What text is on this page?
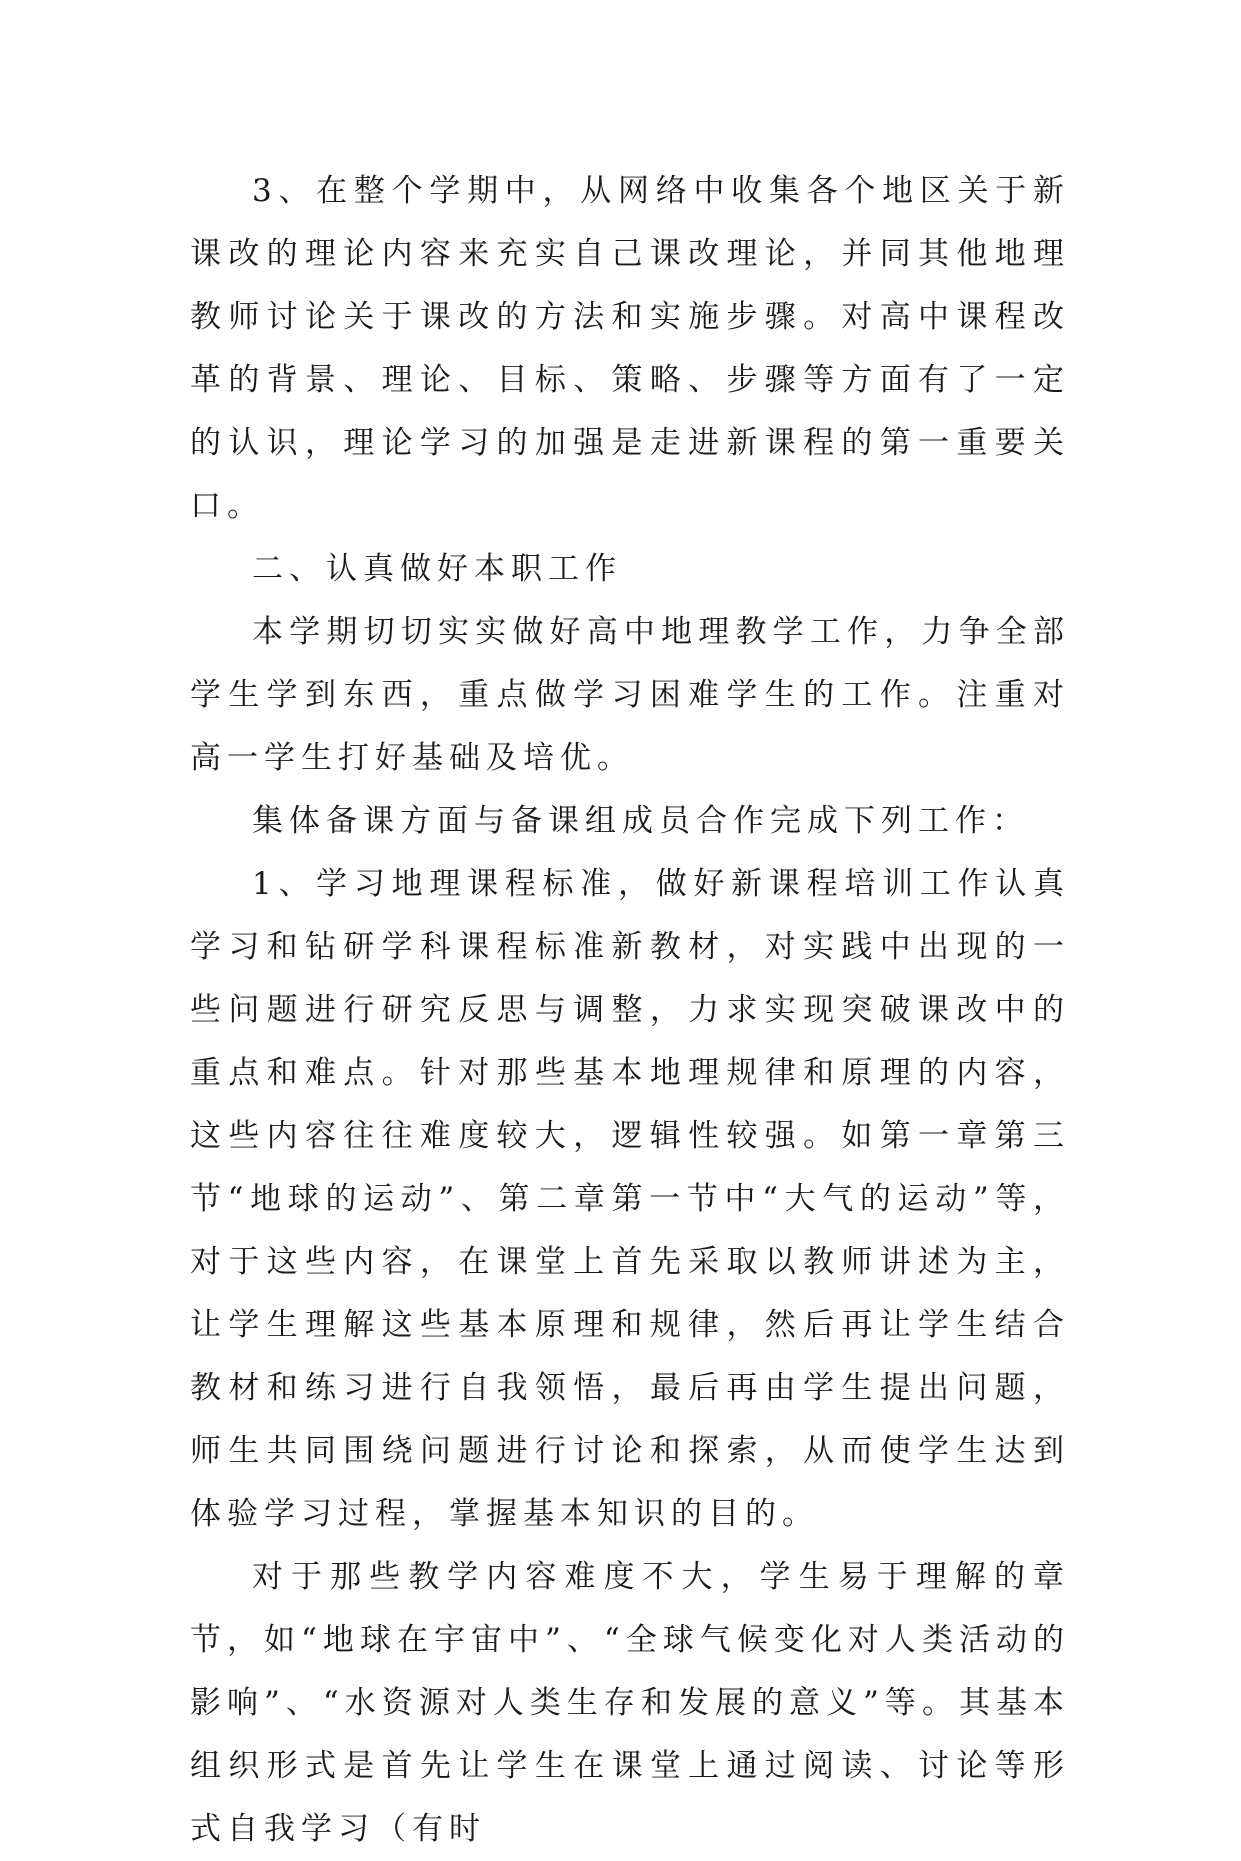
3、在整个学期中，从网络中收集各个地区关于新课改的理论内容来充实自己课改理论，并同其他地理教师讨论关于课改的方法和实施步骤。对高中课程改革的背景、理论、目标、策略、步骤等方面有了一定的认识，理论学习的加强是走进新课程的第一重要关口。

二、认真做好本职工作

本学期切切实实做好高中地理教学工作，力争全部学生学到东西，重点做学习困难学生的工作。注重对高一学生打好基础及培优。

集体备课方面与备课组成员合作完成下列工作：

1、学习地理课程标准，做好新课程培训工作认真学习和钻研学科课程标准新教材，对实践中出现的一些问题进行研究反思与调整，力求实现突破课改中的重点和难点。针对那些基本地理规律和原理的内容，这些内容往往难度较大，逻辑性较强。如第一章第三节“地球的运动”、第二章第一节中“大气的运动”等，对于这些内容，在课堂上首先采取以教师讲述为主，让学生理解这些基本原理和规律，然后再让学生结合教材和练习进行自我领悟，最后再由学生提出问题，师生共同围绕问题进行讨论和探索，从而使学生达到体验学习过程，掌握基本知识的目的。

对于那些教学内容难度不大，学生易于理解的章节，如“地球在宇宙中”、“全球气候变化对人类活动的影响”、“水资源对人类生存和发展的意义”等。其基本组织形式是首先让学生在课堂上通过阅读、讨论等形式自我学习（有时
